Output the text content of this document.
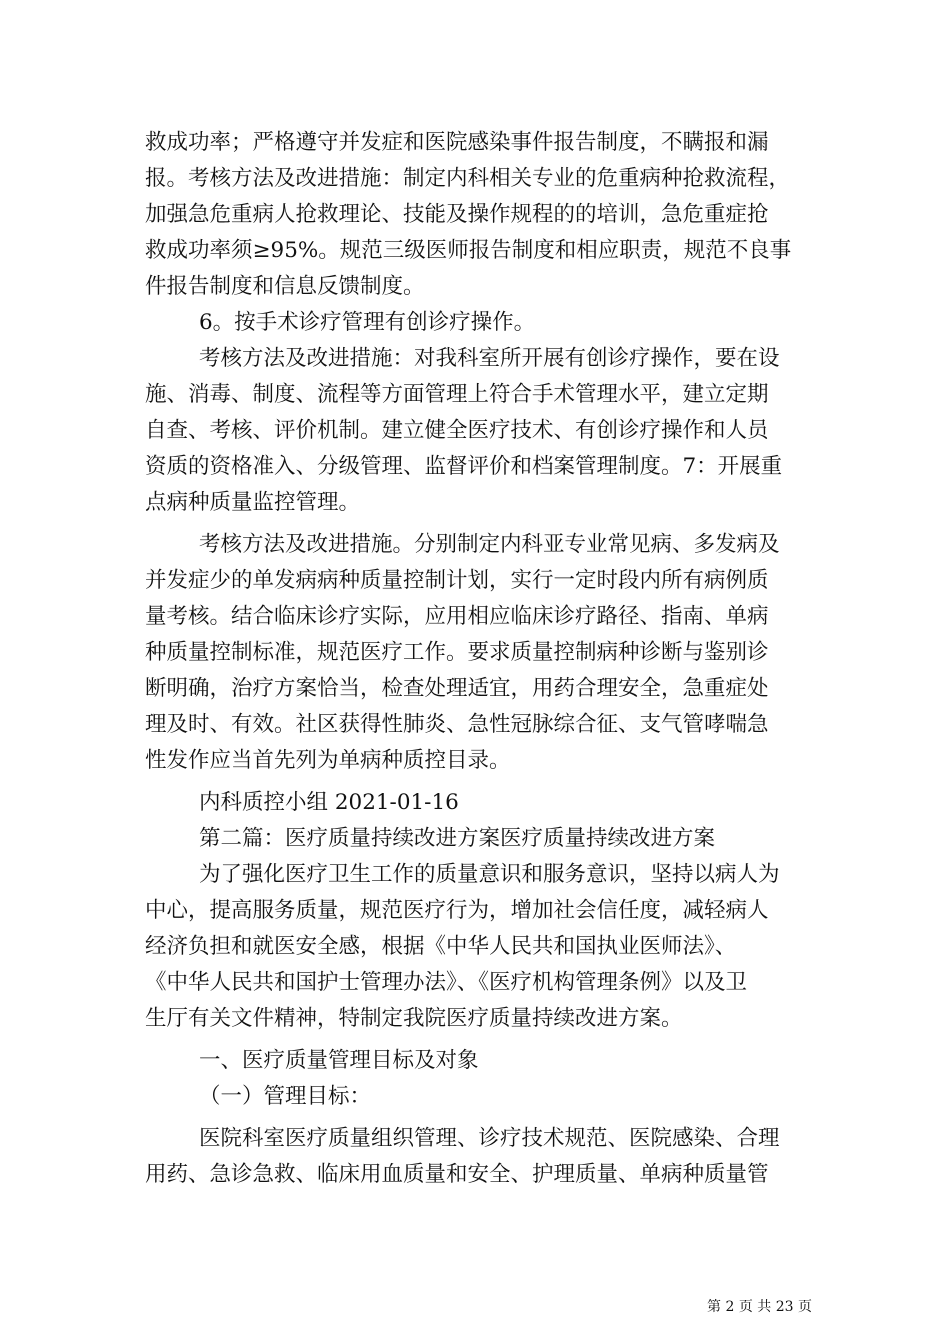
救成功率；严格遵守并发症和医院感染事件报告制度，不瞒报和漏
报。考核方法及改进措施：制定内科相关专业的危重病种抢救流程，
加强急危重病人抢救理论、技能及操作规程的的培训，急危重症抢
救成功率须≥95%。规范三级医师报告制度和相应职责，规范不良事
件报告制度和信息反馈制度。
6。按手术诊疗管理有创诊疗操作。
考核方法及改进措施：对我科室所开展有创诊疗操作，要在设
施、消毒、制度、流程等方面管理上符合手术管理水平，建立定期
自查、考核、评价机制。建立健全医疗技术、有创诊疗操作和人员
资质的资格准入、分级管理、监督评价和档案管理制度。7：开展重
点病种质量监控管理。
考核方法及改进措施。分别制定内科亚专业常见病、多发病及
并发症少的单发病病种质量控制计划，实行一定时段内所有病例质
量考核。结合临床诊疗实际，应用相应临床诊疗路径、指南、单病
种质量控制标准，规范医疗工作。要求质量控制病种诊断与鉴别诊
断明确，治疗方案恰当，检查处理适宜，用药合理安全，急重症处
理及时、有效。社区获得性肺炎、急性冠脉综合征、支气管哮喘急
性发作应当首先列为单病种质控目录。
内科质控小组 2021-01-16
第二篇：医疗质量持续改进方案医疗质量持续改进方案
为了强化医疗卫生工作的质量意识和服务意识，坚持以病人为
中心，提高服务质量，规范医疗行为，增加社会信任度，减轻病人
经济负担和就医安全感，根据《中华人民共和国执业医师法》、
《中华人民共和国护士管理办法》、《医疗机构管理条例》以及卫
生厅有关文件精神，特制定我院医疗质量持续改进方案。
一、医疗质量管理目标及对象
（一）管理目标：
医院科室医疗质量组织管理、诊疗技术规范、医院感染、合理
用药、急诊急救、临床用血质量和安全、护理质量、单病种质量管
第 2 页 共 23 页
